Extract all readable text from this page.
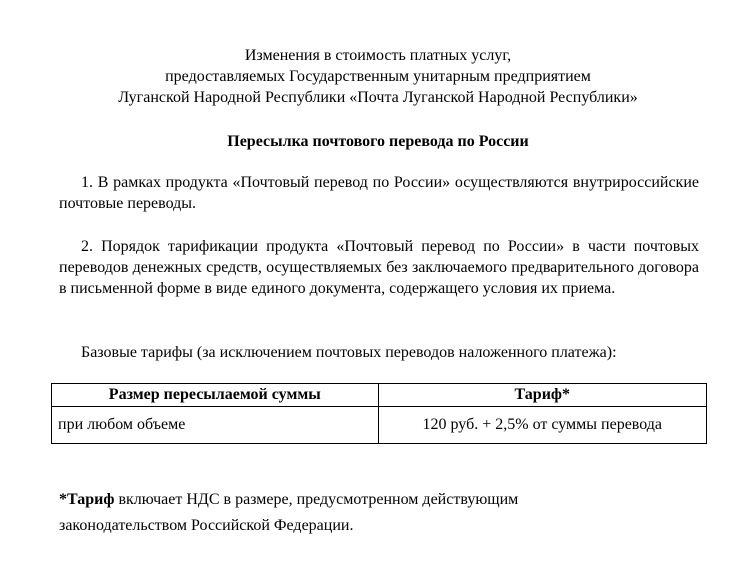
Изменения в стоимость платных услуг,
предоставляемых Государственным унитарным предприятием
Луганской Народной Республики «Почта Луганской Народной Республики»
Пересылка почтового перевода по России
1. В рамках продукта «Почтовый перевод по России» осуществляются внутрироссийские почтовые переводы.
2. Порядок тарификации продукта «Почтовый перевод по России» в части почтовых переводов денежных средств, осуществляемых без заключаемого предварительного договора в письменной форме в виде единого документа, содержащего условия их приема.
Базовые тарифы (за исключением почтовых переводов наложенного платежа):
Размер пересылаемой суммы	Тариф*
при любом объеме	120 руб. + 2,5% от суммы перевода
*Тариф включает НДС в размере, предусмотренном действующим законодательством Российской Федерации.
